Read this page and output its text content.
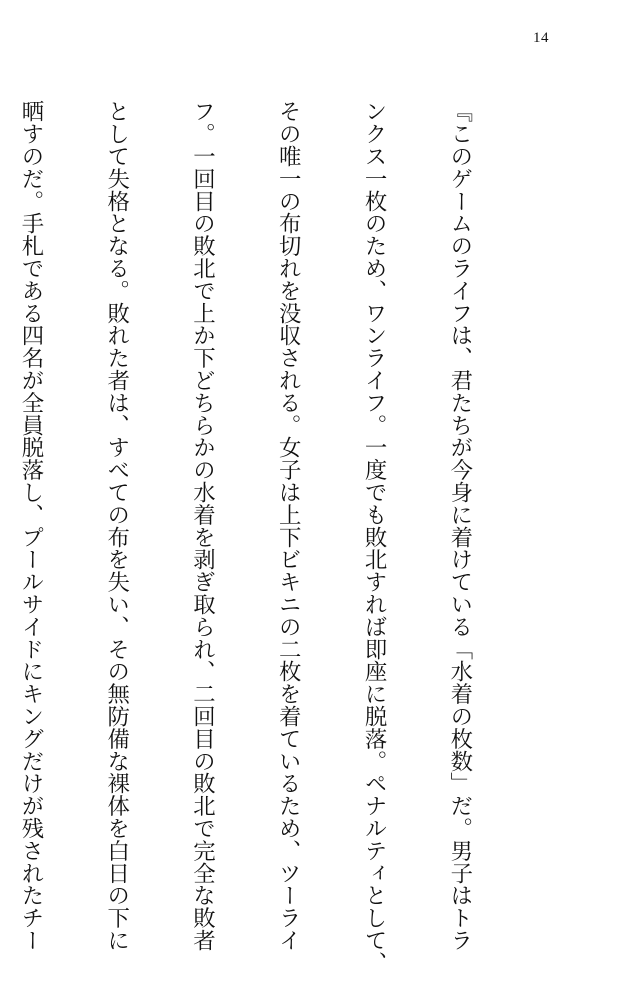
14

『このゲームのライフは、君たちが今身に着けている「水着の枚数」だ。男子はトラ

ンクス一枚のため、ワンライフ。一度でも敗北すれば即座に脱落。ペナルティとして、

その唯一の布切れを没収される。女子は上下ビキニの二枚を着ているため、ツーライ

フ。一回目の敗北で上か下どちらかの水着を剥ぎ取られ、二回目の敗北で完全な敗者

として失格となる。敗れた者は、すべての布を失い、その無防備な裸体を白日の下に

晒すのだ。手札である四名が全員脱落し、プールサイドにキングだけが残されたチー
